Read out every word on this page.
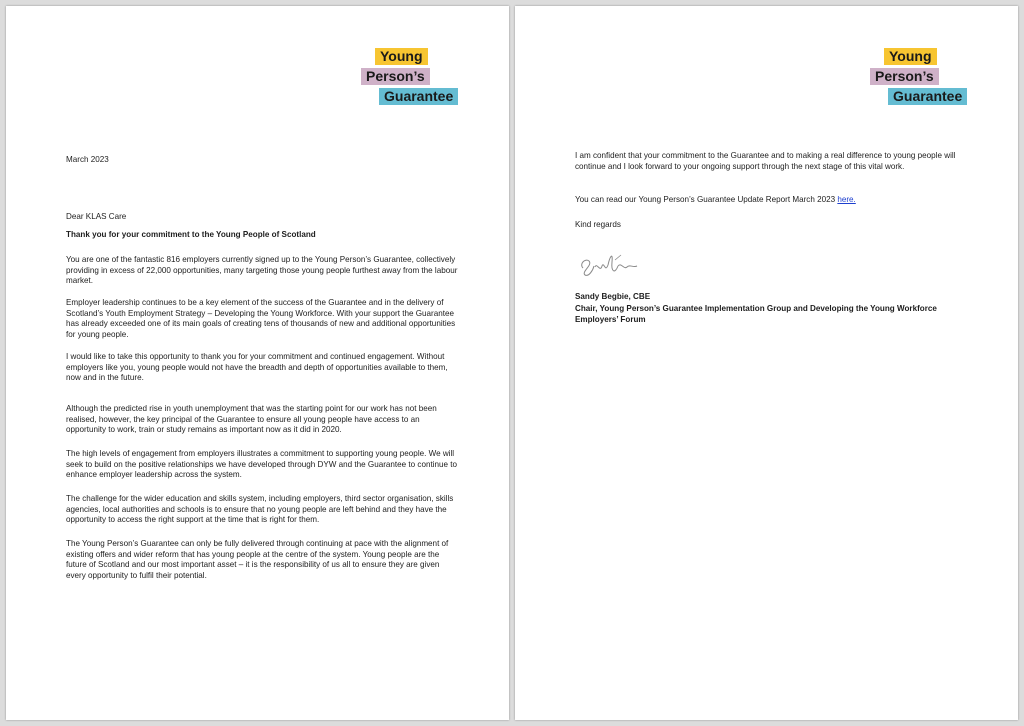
Young
Person’s
Guarantee

March 2023

Dear KLAS Care

Thank you for your commitment to the Young People of Scotland

You are one of the fantastic 816 employers currently signed up to the Young Person’s Guarantee, collectively providing in excess of 22,000 opportunities, many targeting those young people furthest away from the labour market.

Employer leadership continues to be a key element of the success of the Guarantee and in the delivery of Scotland’s Youth Employment Strategy – Developing the Young Workforce. With your support the Guarantee has already exceeded one of its main goals of creating tens of thousands of new and additional opportunities for young people.

I would like to take this opportunity to thank you for your commitment and continued engagement. Without employers like you, young people would not have the breadth and depth of opportunities available to them, now and in the future.

Although the predicted rise in youth unemployment that was the starting point for our work has not been realised, however, the key principal of the Guarantee to ensure all young people have access to an opportunity to work, train or study remains as important now as it did in 2020.

The high levels of engagement from employers illustrates a commitment to supporting young people. We will seek to build on the positive relationships we have developed through DYW and the Guarantee to continue to enhance employer leadership across the system.

The challenge for the wider education and skills system, including employers, third sector organisation, skills agencies, local authorities and schools is to ensure that no young people are left behind and they have the opportunity to access the right support at the time that is right for them.

The Young Person’s Guarantee can only be fully delivered through continuing at pace with the alignment of existing offers and wider reform that has young people at the centre of the system. Young people are the future of Scotland and our most important asset – it is the responsibility of us all to ensure they are given every opportunity to fulfil their potential.

Young
Person’s
Guarantee

I am confident that your commitment to the Guarantee and to making a real difference to young people will continue and I look forward to your ongoing support through the next stage of this vital work.

You can read our Young Person’s Guarantee Update Report March 2023 here.

Kind regards

Sandy Begbie, CBE

Chair, Young Person’s Guarantee Implementation Group and Developing the Young Workforce Employers’ Forum
